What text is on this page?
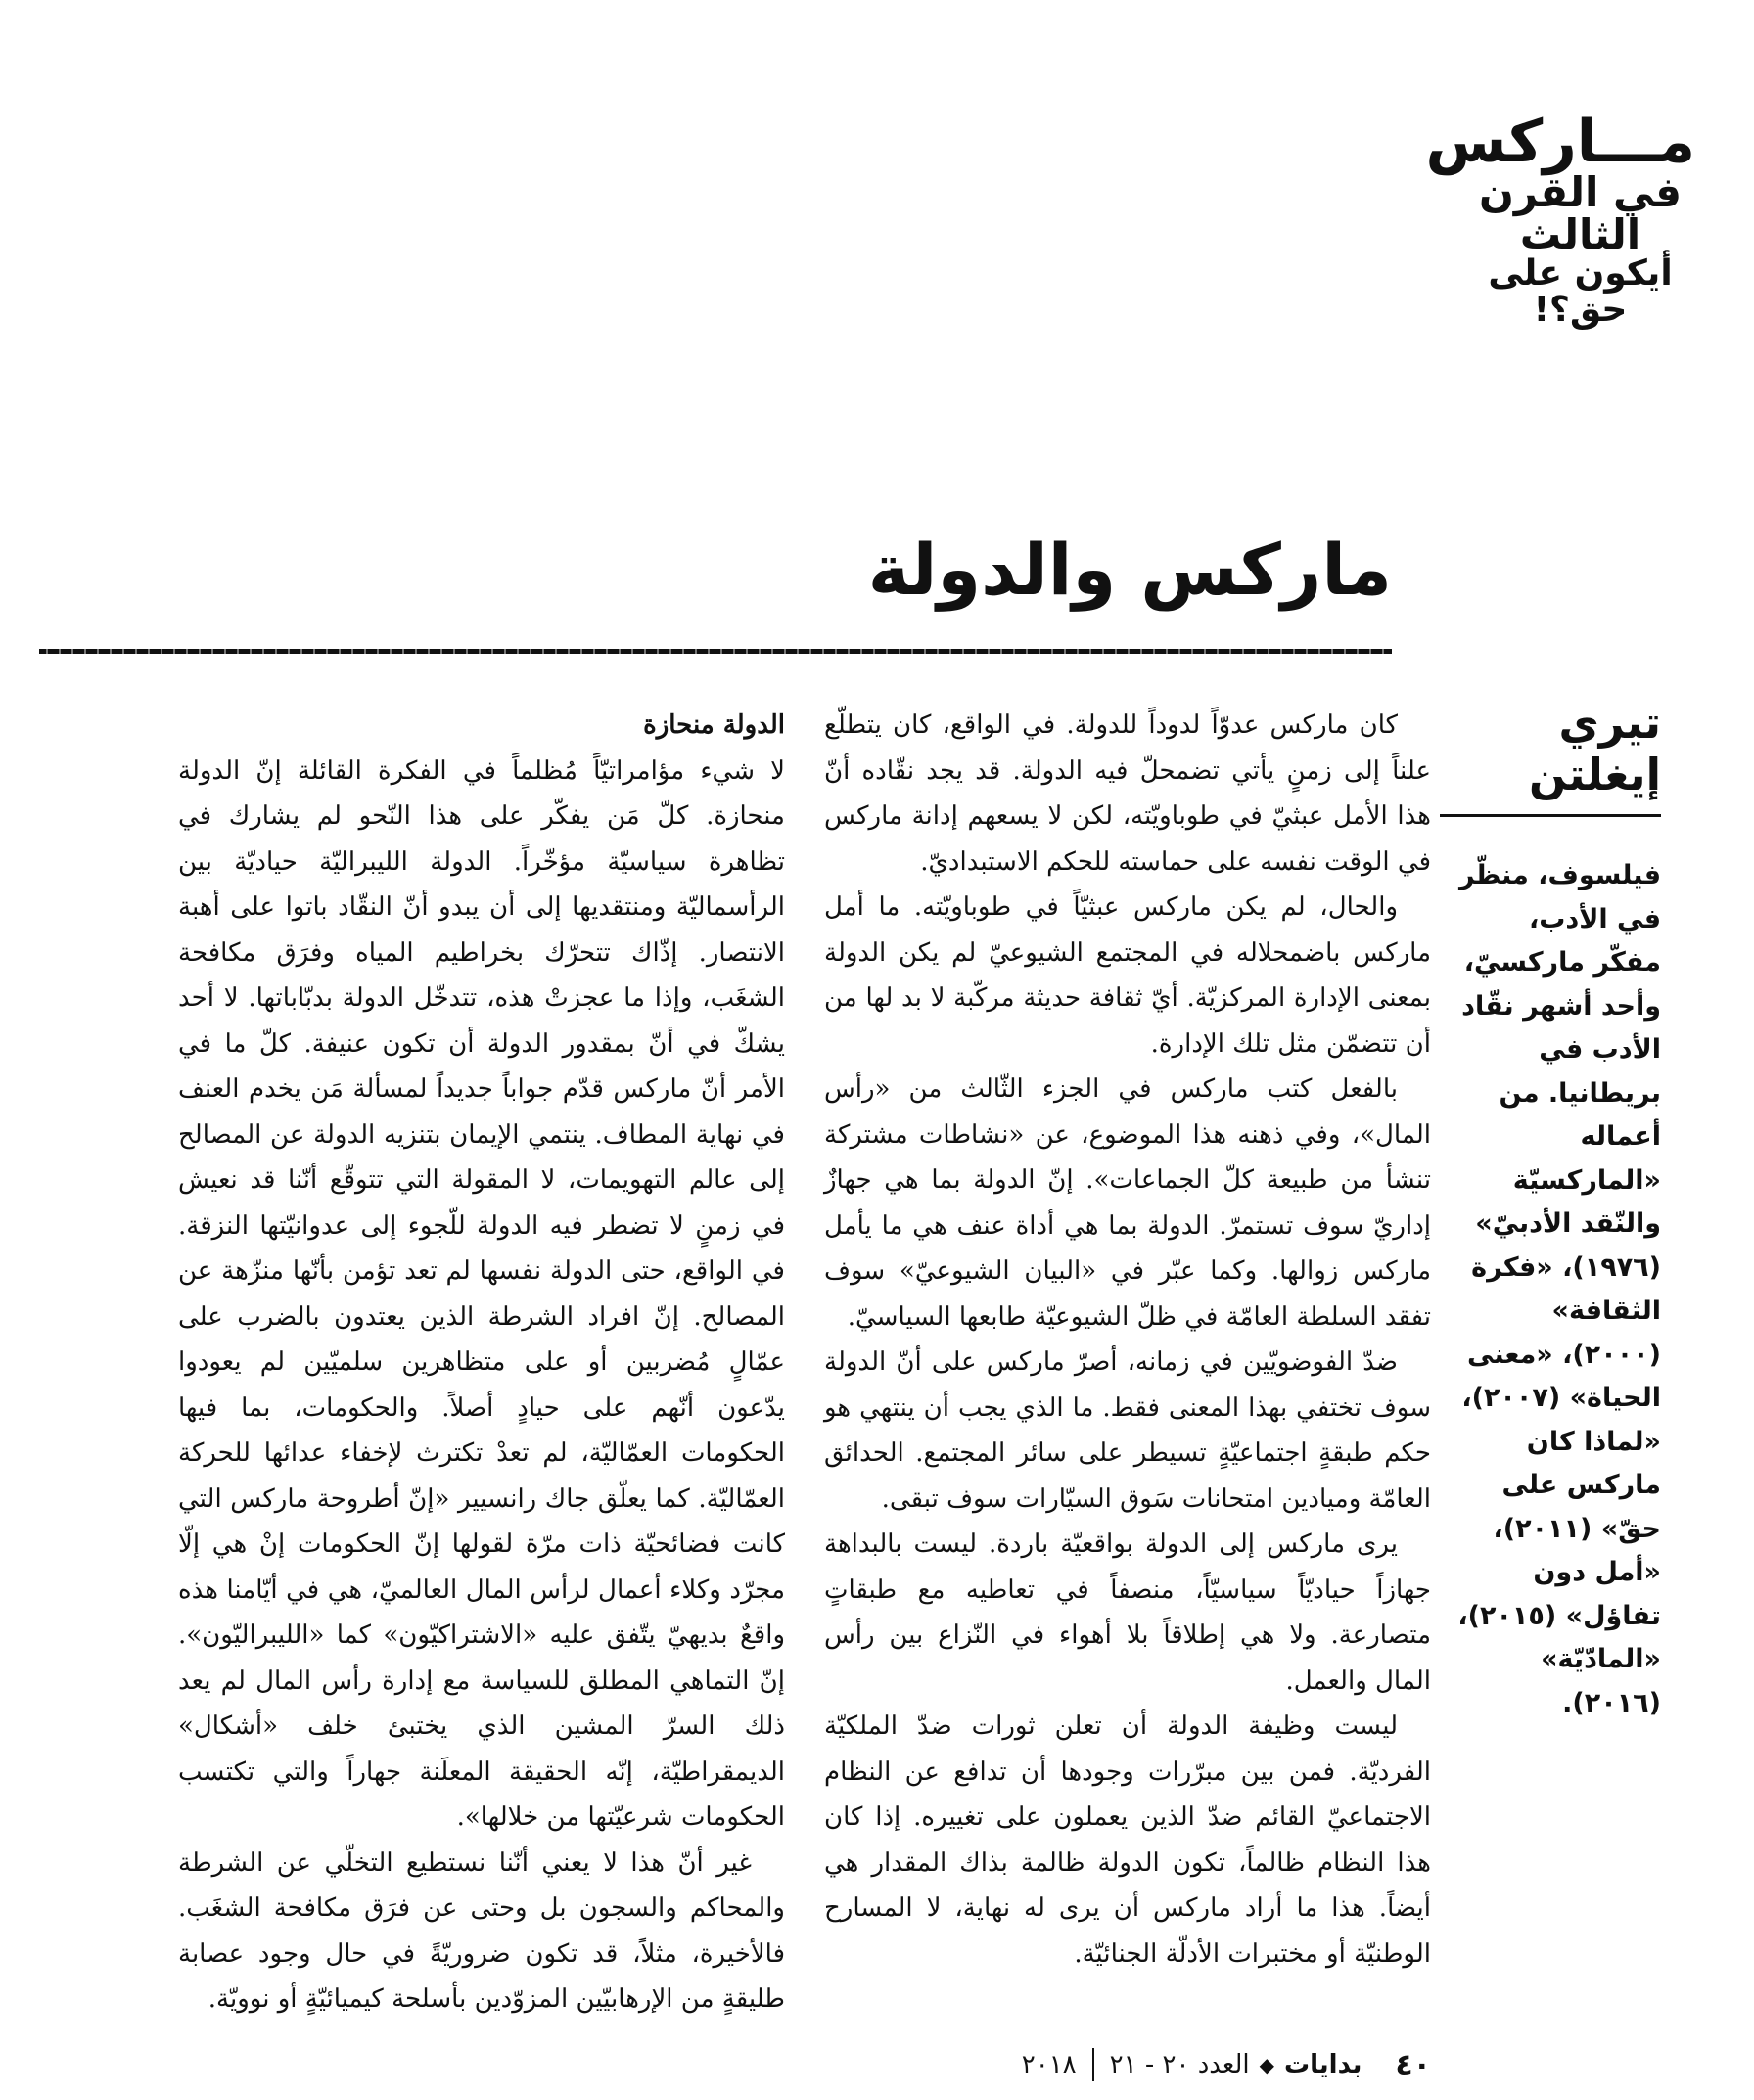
مـــاركس
في القرن الثالث
أيكون على حق؟!
ماركس والدولة
تيري إيغلتن
فيلسوف، منظّر في الأدب، مفكّر ماركسيّ، وأحد أشهر نقّاد الأدب في بريطانيا. من أعماله «الماركسيّة والنّقد الأدبيّ» (١٩٧٦)، «فكرة الثقافة» (٢٠٠٠)، «معنى الحياة» (٢٠٠٧)، «لماذا كان ماركس على حقّ» (٢٠١١)، «أمل دون تفاؤل» (٢٠١٥)، «المادّيّة» (٢٠١٦).

كان ماركس عدوّاً لدوداً للدولة. في الواقع، كان يتطلّع علناً إلى زمنٍ يأتي تضمحلّ فيه الدولة. قد يجد نقّاده أنّ هذا الأمل عبثيّ في طوباويّته، لكن لا يسعهم إدانة ماركس في الوقت نفسه على حماسته للحكم الاستبداديّ.

والحال، لم يكن ماركس عبثيّاً في طوباويّته. ما أمل ماركس باضمحلاله في المجتمع الشيوعيّ لم يكن الدولة بمعنى الإدارة المركزيّة. أيّ ثقافة حديثة مركّبة لا بد لها من أن تتضمّن مثل تلك الإدارة.

بالفعل كتب ماركس في الجزء الثّالث من «رأس المال»، وفي ذهنه هذا الموضوع، عن «نشاطات مشتركة تنشأ من طبيعة كلّ الجماعات». إنّ الدولة بما هي جهازٌ إداريّ سوف تستمرّ. الدولة بما هي أداة عنف هي ما يأمل ماركس زوالها. وكما عبّر في «البيان الشيوعيّ» سوف تفقد السلطة العامّة في ظلّ الشيوعيّة طابعها السياسيّ.

ضدّ الفوضويّين في زمانه، أصرّ ماركس على أنّ الدولة سوف تختفي بهذا المعنى فقط. ما الذي يجب أن ينتهي هو حكم طبقةٍ اجتماعيّةٍ تسيطر على سائر المجتمع. الحدائق العامّة وميادين امتحانات سَوق السيّارات سوف تبقى.

يرى ماركس إلى الدولة بواقعيّة باردة. ليست بالبداهة جهازاً حياديّاً سياسيّاً، منصفاً في تعاطيه مع طبقاتٍ متصارعة. ولا هي إطلاقاً بلا أهواء في النّزاع بين رأس المال والعمل.

ليست وظيفة الدولة أن تعلن ثورات ضدّ الملكيّة الفرديّة. فمن بين مبرّرات وجودها أن تدافع عن النظام الاجتماعيّ القائم ضدّ الذين يعملون على تغييره. إذا كان هذا النظام ظالماً، تكون الدولة ظالمة بذاك المقدار هي أيضاً. هذا ما أراد ماركس أن يرى له نهاية، لا المسارح الوطنيّة أو مختبرات الأدلّة الجنائيّة.

الدولة منحازة

لا شيء مؤامراتيّاً مُظلماً في الفكرة القائلة إنّ الدولة منحازة. كلّ مَن يفكّر على هذا النّحو لم يشارك في تظاهرة سياسيّة مؤخّراً. الدولة الليبراليّة حياديّة بين الرأسماليّة ومنتقديها إلى أن يبدو أنّ النقّاد باتوا على أهبة الانتصار. إذّاك تتحرّك بخراطيم المياه وفرَق مكافحة الشغَب، وإذا ما عجزتْ هذه، تتدخّل الدولة بدبّاباتها. لا أحد يشكّ في أنّ بمقدور الدولة أن تكون عنيفة. كلّ ما في الأمر أنّ ماركس قدّم جواباً جديداً لمسألة مَن يخدم العنف في نهاية المطاف. ينتمي الإيمان بتنزيه الدولة عن المصالح إلى عالم التهويمات، لا المقولة التي تتوقّع أنّنا قد نعيش في زمنٍ لا تضطر فيه الدولة للّجوء إلى عدوانيّتها النزقة. في الواقع، حتى الدولة نفسها لم تعد تؤمن بأنّها منزّهة عن المصالح. إنّ افراد الشرطة الذين يعتدون بالضرب على عمّالٍ مُضربين أو على متظاهرين سلميّين لم يعودوا يدّعون أنّهم على حيادٍ أصلاً. والحكومات، بما فيها الحكومات العمّاليّة، لم تعدْ تكترث لإخفاء عدائها للحركة العمّاليّة. كما يعلّق جاك رانسيير «إنّ أطروحة ماركس التي كانت فضائحيّة ذات مرّة لقولها إنّ الحكومات إنْ هي إلّا مجرّد وكلاء أعمال لرأس المال العالميّ، هي في أيّامنا هذه واقعٌ بديهيّ يتّفق عليه «الاشتراكيّون» كما «الليبراليّون». إنّ التماهي المطلق للسياسة مع إدارة رأس المال لم يعد ذلك السرّ المشين الذي يختبئ خلف «أشكال» الديمقراطيّة، إنّه الحقيقة المعلَنة جهاراً والتي تكتسب الحكومات شرعيّتها من خلالها».

غير أنّ هذا لا يعني أنّنا نستطيع التخلّي عن الشرطة والمحاكم والسجون بل وحتى عن فرَق مكافحة الشغَب. فالأخيرة، مثلاً، قد تكون ضروريّةً في حال وجود عصابة طليقةٍ من الإرهابيّين المزوّدين بأسلحة كيميائيّةٍ أو نوويّة.

٤٠
بدايات
◆
العدد ٢٠ - ٢١
٢٠١٨
